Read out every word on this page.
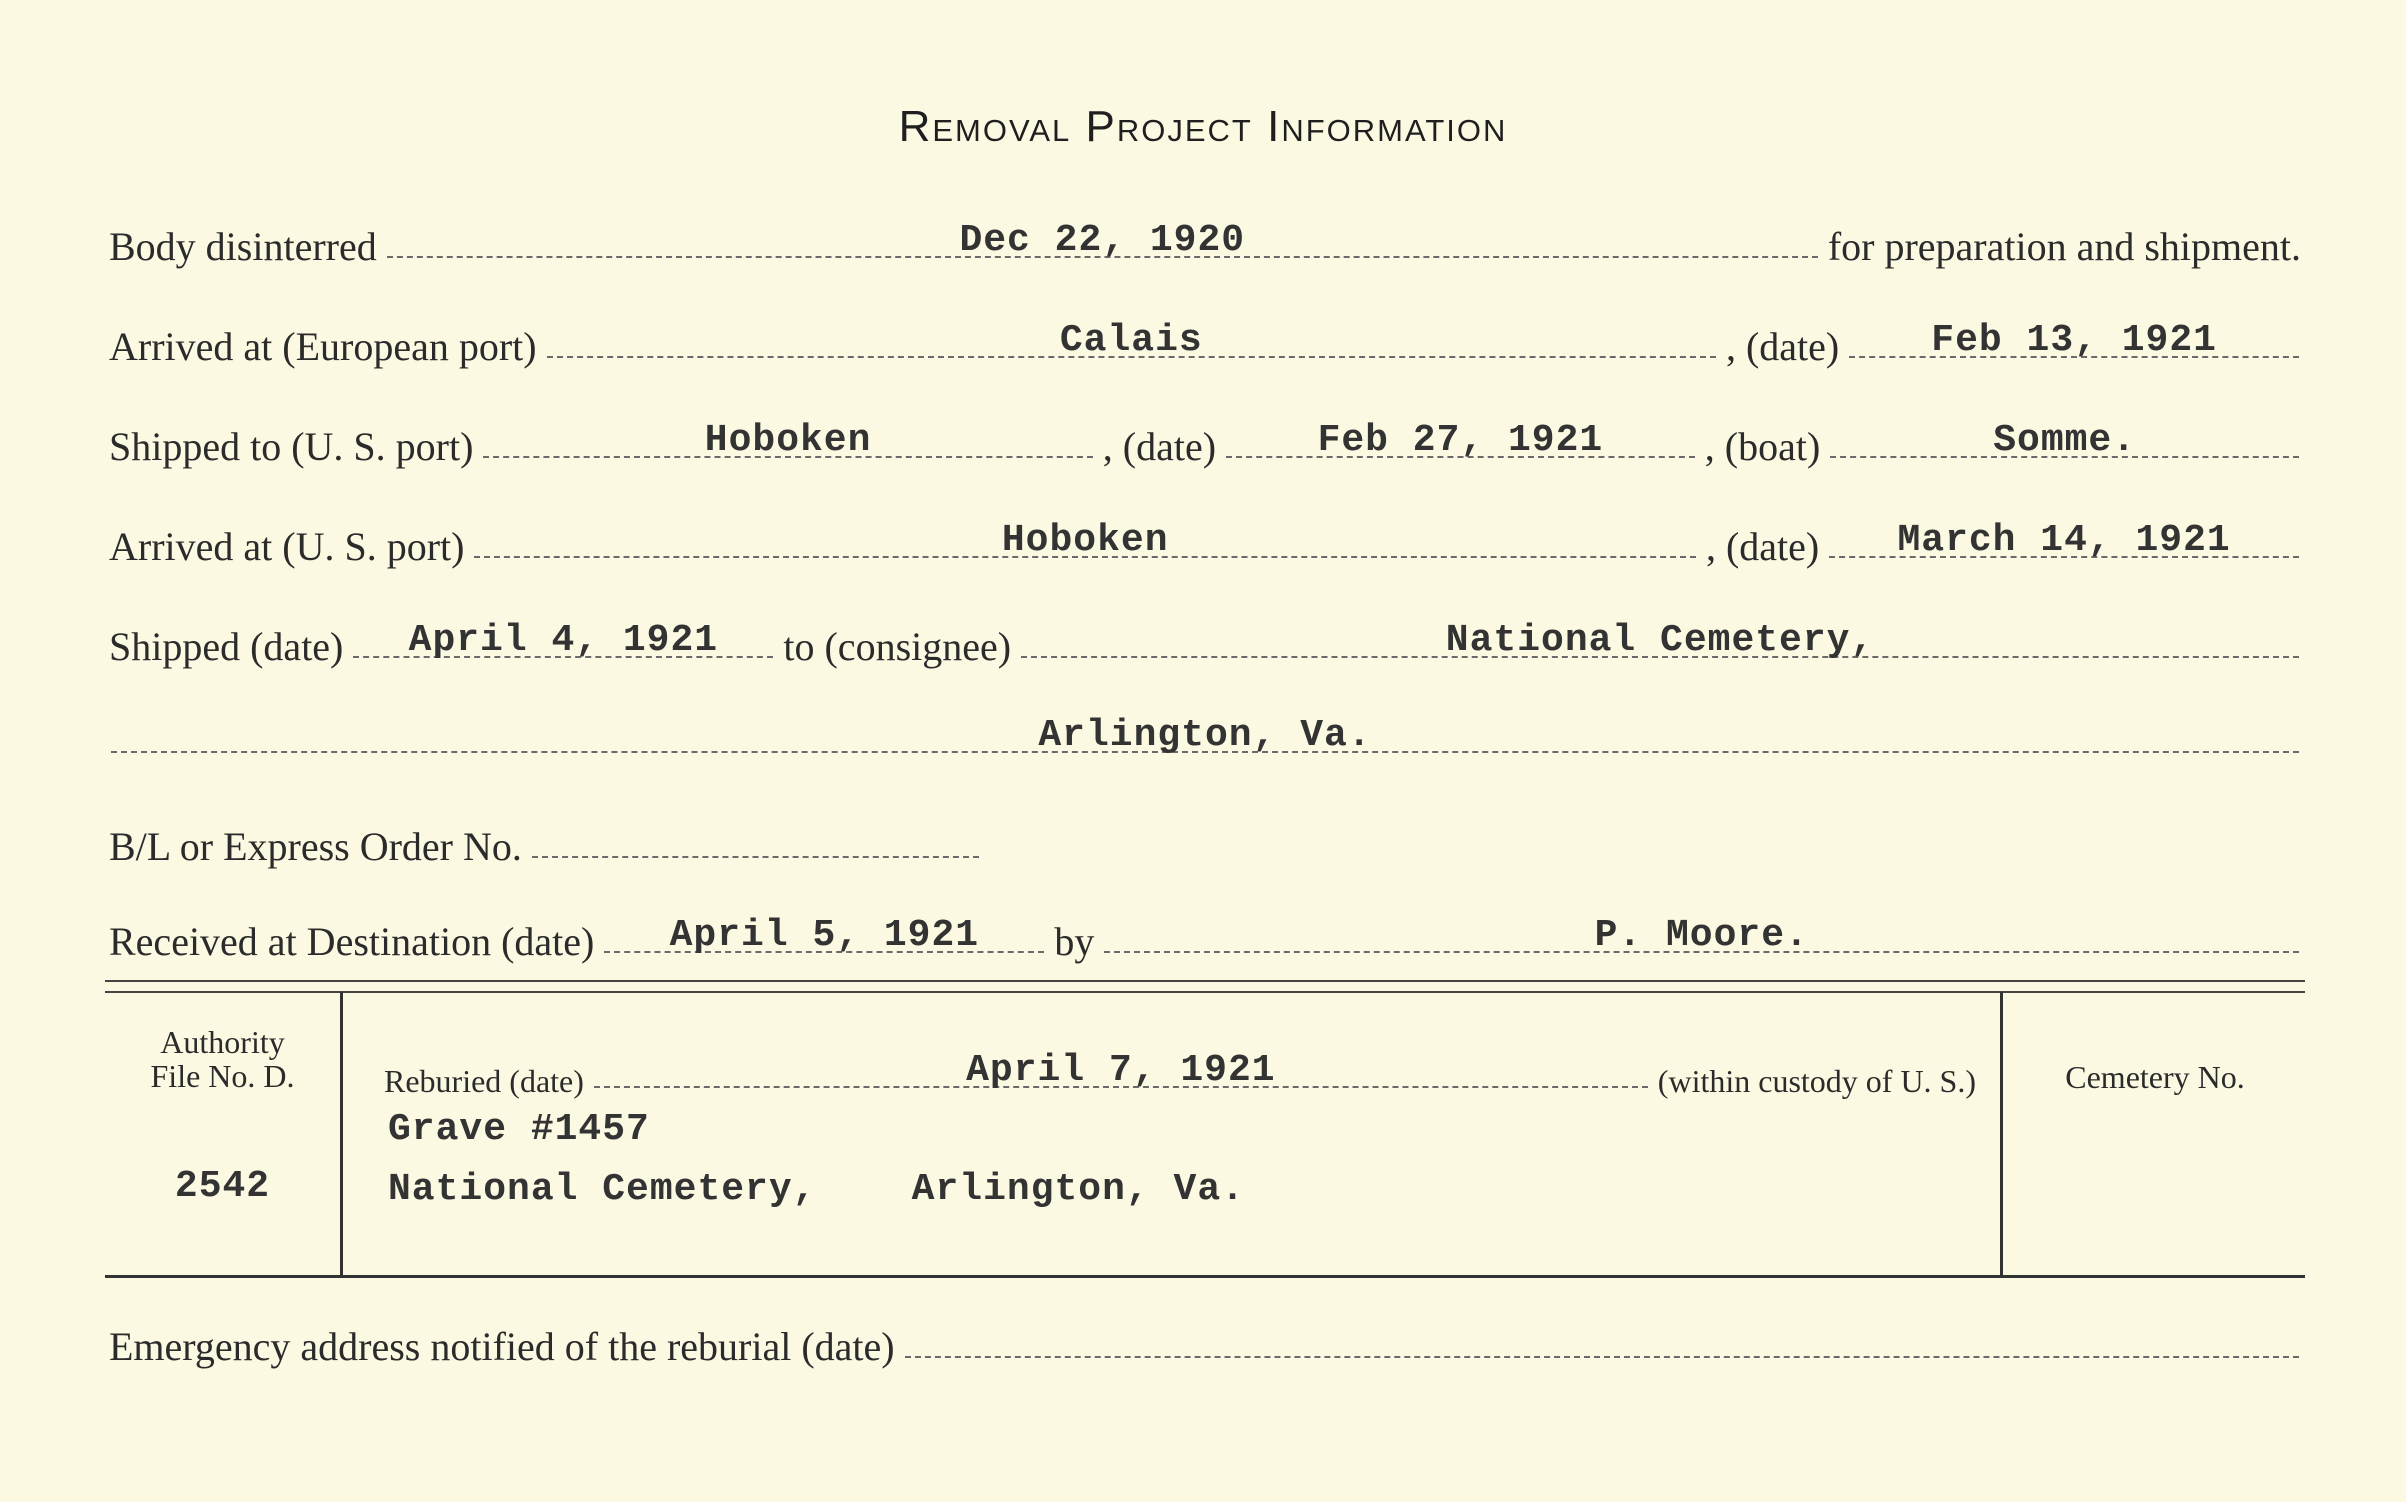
Removal Project Information
Body disinterred	Dec 22, 1920	for preparation and shipment.
Arrived at (European port)	Calais	, (date) Feb 13, 1921
Shipped to (U. S. port)	Hoboken	, (date)	Feb 27, 1921	, (boat)	Somme.
Arrived at (U. S. port)	Hoboken	, (date) March 14, 1921
Shipped (date) April 4, 1921 to (consignee)	National Cemetery,
Arlington, Va.
B/L or Express Order No.
Received at Destination (date) April 5, 1921 by	P. Moore.
Authority
File No. D.
2542
Reburied (date)	April 7, 1921	(within custody of U. S.)
Grave #1457
National Cemetery,    Arlington, Va.
Cemetery No.
Emergency address notified of the reburial (date)
